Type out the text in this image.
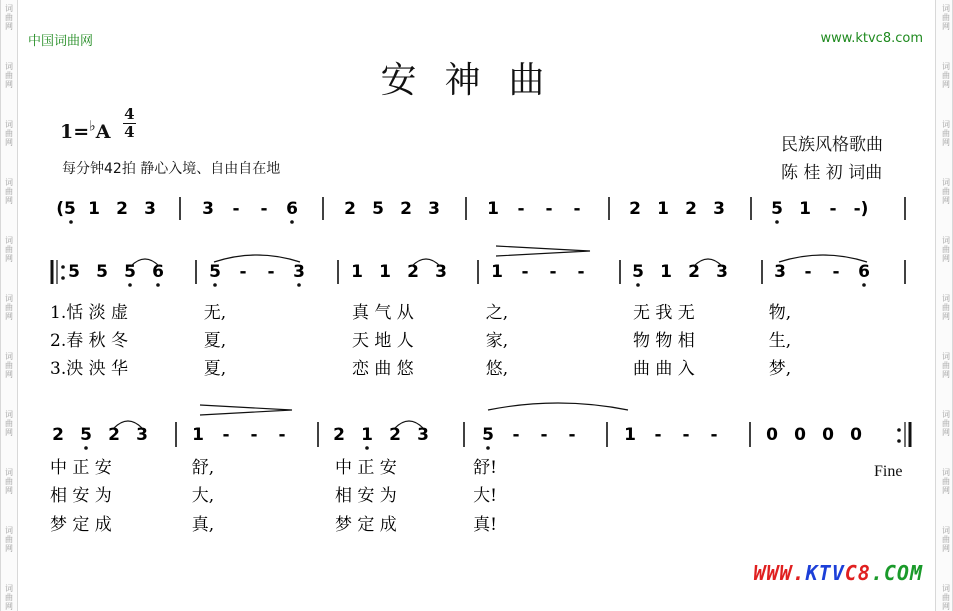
中国词曲网	www.ktvc8.com
安神曲
$1=^♭A \frac{4}{4}$
每分钟42拍 静心入境、自由自在地
民族风格歌曲
陈 桂 初 词曲
(5 1 2 3	3 - - 6	2 5 2 3	1 - - -	2 1 2 3	5 1 - -)
5 5 5 6	5 - - 3	1 1 2 3	1 - - -	5 1 2 3	3 - - 6
1.恬 淡 虚	无,	真 气 从	之,	无 我 无	物,
2.春 秋 冬	夏,	天 地 人	家,	物 物 相	生,
3.泱 泱 华	夏,	恋 曲 悠	悠,	曲 曲 入	梦,
2 5 2 3	1 - - -	2 1 2 3	5 - - -	1 - - -	0 0 0 0
中 正 安	舒,	中 正 安	舒!
相 安 为	大,	相 安 为	大!
梦 定 成	真,	梦 定 成	真!
Fine
WWW.KTVC8.COM
词
曲
网
词
曲
网
词
曲
网
词
曲
网
词
曲
网
词
曲
网
词
曲
网
词
曲
网
词
曲
网
词
曲
网
词
曲
网
词
曲
网
词
曲
网
词
曲
网
词
曲
网
词
曲
网
词
曲
网
词
曲
网
词
曲
网
词
曲
网
词
曲
网
词
曲
网
